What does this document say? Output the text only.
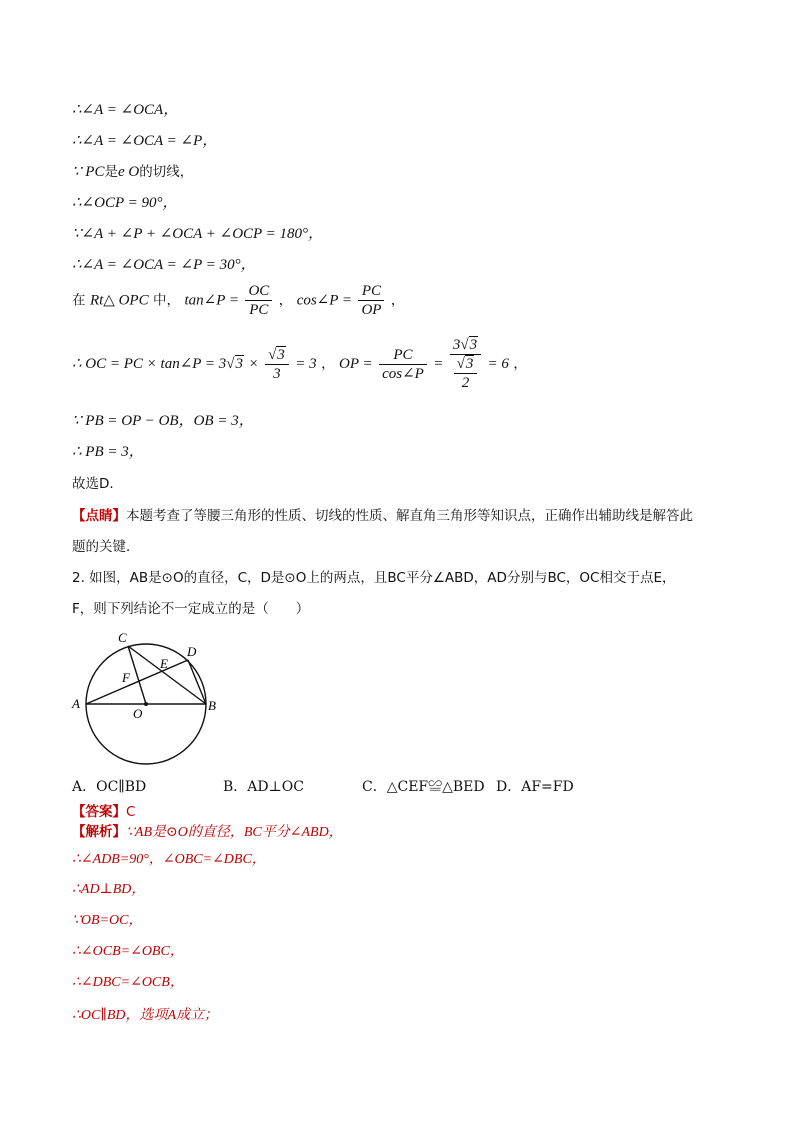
∴∠A = ∠OCA，
∴∠A = ∠OCA = ∠P，
∵ PC是e O的切线，
∴∠OCP = 90°，
∵∠A + ∠P + ∠OCA + ∠OCP = 180°，
∴∠A = ∠OCA = ∠P = 30°，
在 Rt△ OPC 中， tan∠P = $\frac{OC}{PC}$ ， cos∠P = $\frac{PC}{OP}$ ，
∴ OC = PC × tan∠P = $3√3 \times \frac{√3}{3} = 3$ ， OP = $\frac{PC}{\cos\angle P} = \frac{3√3}{\frac{√3}{2}} = 6$ ，
∵ PB = OP − OB，OB = 3，
∴ PB = 3，
故选D．
【点睛】本题考查了等腰三角形的性质、切线的性质、解直角三角形等知识点，正确作出辅助线是解答此
题的关键．
2. 如图，AB是⊙O的直径，C，D是⊙O上的两点，且BC平分∠ABD，AD分别与BC，OC相交于点E，
F，则下列结论不一定成立的是（　　）
C
D
E
F
A
O
B
A．OC∥BD	B．AD⊥OC	C．△CEF≌△BED D．AF=FD
【答案】C
【解析】∵AB是⊙O的直径，BC平分∠ABD，
∴∠ADB=90°，∠OBC=∠DBC，
∴AD⊥BD，
∵OB=OC，
∴∠OCB=∠OBC，
∴∠DBC=∠OCB，
∴OC∥BD，选项A成立；
